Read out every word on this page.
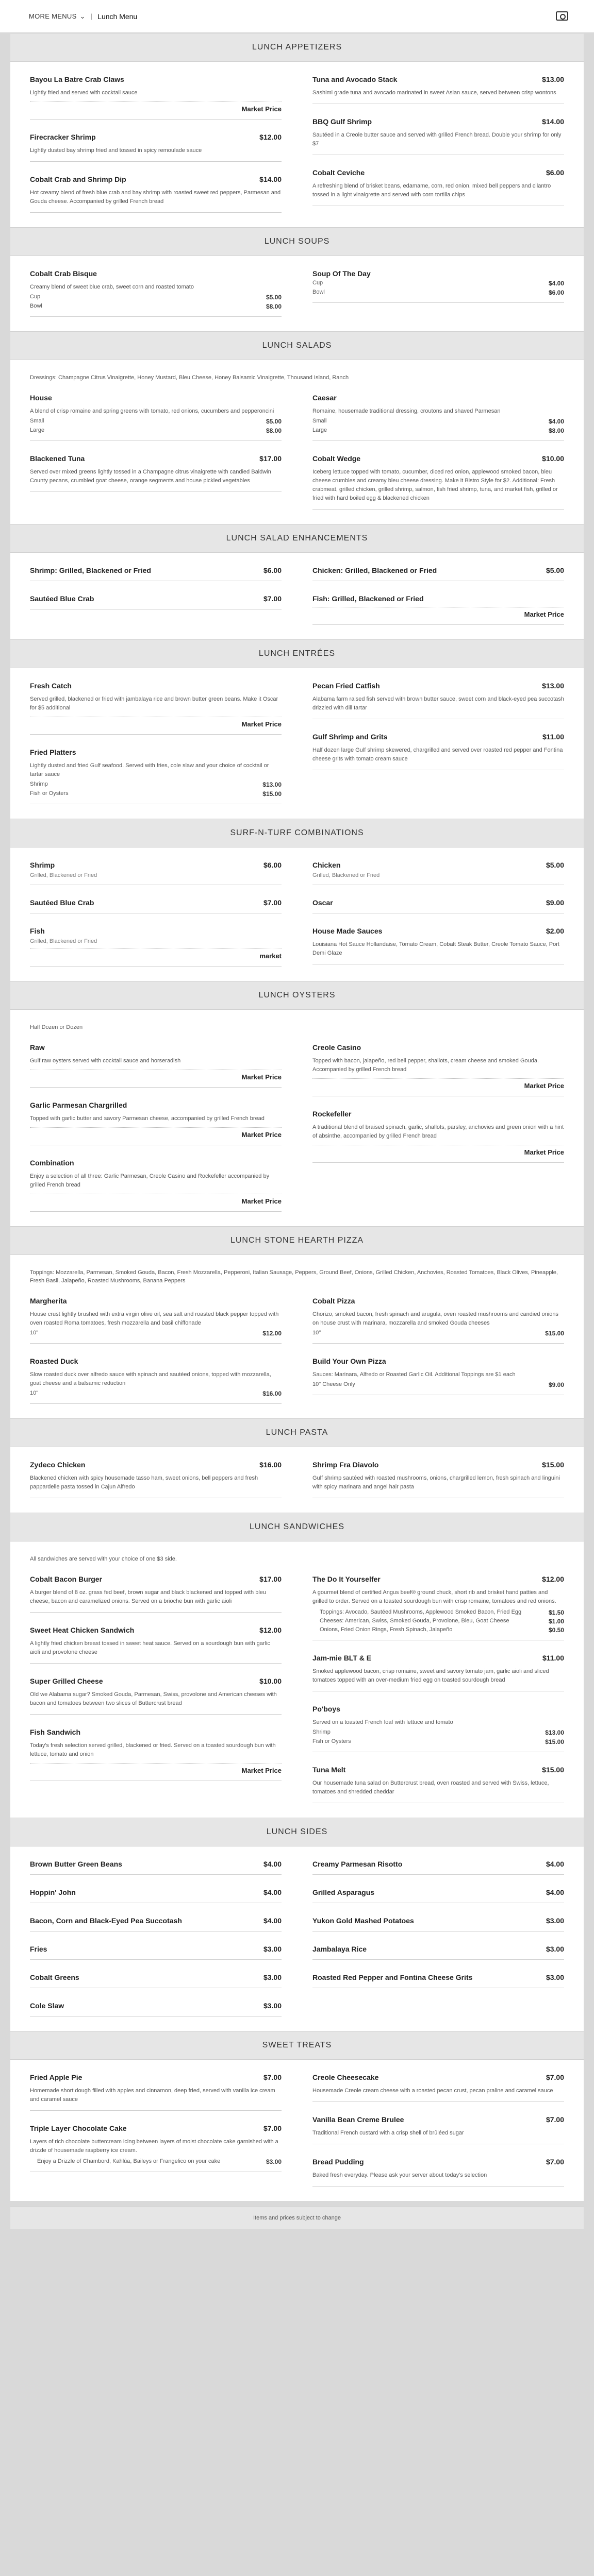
MORE MENUS ⌄ | Lunch Menu
LUNCH APPETIZERS
Bayou La Batre Crab Claws
Lightly fried and served with cocktail sauce
Market Price
Firecracker Shrimp	$12.00
Lightly dusted bay shrimp fried and tossed in spicy remoulade sauce
Cobalt Crab and Shrimp Dip	$14.00
Hot creamy blend of fresh blue crab and bay shrimp with roasted sweet red peppers, Parmesan and Gouda cheese. Accompanied by grilled French bread
Tuna and Avocado Stack	$13.00
Sashimi grade tuna and avocado marinated in sweet Asian sauce, served between crisp wontons
BBQ Gulf Shrimp	$14.00
Sautéed in a Creole butter sauce and served with grilled French bread. Double your shrimp for only $7
Cobalt Ceviche	$6.00
A refreshing blend of brisket beans, edamame, corn, red onion, mixed bell peppers and cilantro tossed in a light vinaigrette and served with corn tortilla chips
LUNCH SOUPS
Cobalt Crab Bisque
Creamy blend of sweet blue crab, sweet corn and roasted tomato
Cup	$5.00
Bowl	$8.00
Soup Of The Day
Cup	$4.00
Bowl	$6.00
LUNCH SALADS
Dressings: Champagne Citrus Vinaigrette, Honey Mustard, Bleu Cheese, Honey Balsamic Vinaigrette, Thousand Island, Ranch
House
A blend of crisp romaine and spring greens with tomato, red onions, cucumbers and pepperoncini
Small	$5.00
Large	$8.00
Blackened Tuna	$17.00
Served over mixed greens lightly tossed in a Champagne citrus vinaigrette with candied Baldwin County pecans, crumbled goat cheese, orange segments and house pickled vegetables
Caesar
Romaine, housemade traditional dressing, croutons and shaved Parmesan
Small	$4.00
Large	$8.00
Cobalt Wedge	$10.00
Iceberg lettuce topped with tomato, cucumber, diced red onion, applewood smoked bacon, bleu cheese crumbles and creamy bleu cheese dressing. Make it Bistro Style for $2. Additional: Fresh crabmeat, grilled chicken, grilled shrimp, salmon, fish fried shrimp, tuna, and market fish, grilled or fried with hard boiled egg & blackened chicken
LUNCH SALAD ENHANCEMENTS
Shrimp: Grilled, Blackened or Fried	$6.00
Sautéed Blue Crab	$7.00
Chicken: Grilled, Blackened or Fried	$5.00
Fish: Grilled, Blackened or Fried
Market Price
LUNCH ENTRÉES
Fresh Catch
Served grilled, blackened or fried with jambalaya rice and brown butter green beans. Make it Oscar for $5 additional
Market Price
Fried Platters
Lightly dusted and fried Gulf seafood. Served with fries, cole slaw and your choice of cocktail or tartar sauce
Shrimp	$13.00
Fish or Oysters	$15.00
Pecan Fried Catfish	$13.00
Alabama farm raised fish served with brown butter sauce, sweet corn and black-eyed pea succotash drizzled with dill tartar
Gulf Shrimp and Grits	$11.00
Half dozen large Gulf shrimp skewered, chargrilled and served over roasted red pepper and Fontina cheese grits with tomato cream sauce
SURF-N-TURF COMBINATIONS
Shrimp	$6.00
Grilled, Blackened or Fried
Sautéed Blue Crab	$7.00
Fish
Grilled, Blackened or Fried
market
Chicken	$5.00
Grilled, Blackened or Fried
Oscar	$9.00
House Made Sauces	$2.00
Louisiana Hot Sauce Hollandaise, Tomato Cream, Cobalt Steak Butter, Creole Tomato Sauce, Port Demi Glaze
LUNCH OYSTERS
Half Dozen or Dozen
Raw
Gulf raw oysters served with cocktail sauce and horseradish
Market Price
Garlic Parmesan Chargrilled
Topped with garlic butter and savory Parmesan cheese, accompanied by grilled French bread
Market Price
Combination
Enjoy a selection of all three: Garlic Parmesan, Creole Casino and Rockefeller accompanied by grilled French bread
Market Price
Creole Casino
Topped with bacon, jalapeño, red bell pepper, shallots, cream cheese and smoked Gouda. Accompanied by grilled French bread
Market Price
Rockefeller
A traditional blend of braised spinach, garlic, shallots, parsley, anchovies and green onion with a hint of absinthe, accompanied by grilled French bread
Market Price
LUNCH STONE HEARTH PIZZA
Toppings: Mozzarella, Parmesan, Smoked Gouda, Bacon, Fresh Mozzarella, Pepperoni, Italian Sausage, Peppers, Ground Beef, Onions, Grilled Chicken, Anchovies, Roasted Tomatoes, Black Olives, Pineapple, Fresh Basil, Jalapeño, Roasted Mushrooms, Banana Peppers
Margherita
House crust lightly brushed with extra virgin olive oil, sea salt and roasted black pepper topped with oven roasted Roma tomatoes, fresh mozzarella and basil chiffonade
10"	$12.00
Roasted Duck
Slow roasted duck over alfredo sauce with spinach and sautéed onions, topped with mozzarella, goat cheese and a balsamic reduction
10"	$16.00
Cobalt Pizza
Chorizo, smoked bacon, fresh spinach and arugula, oven roasted mushrooms and candied onions on house crust with marinara, mozzarella and smoked Gouda cheeses
10"	$15.00
Build Your Own Pizza
Sauces: Marinara, Alfredo or Roasted Garlic Oil. Additional Toppings are $1 each
10" Cheese Only	$9.00
LUNCH PASTA
Zydeco Chicken	$16.00
Blackened chicken with spicy housemade tasso ham, sweet onions, bell peppers and fresh pappardelle pasta tossed in Cajun Alfredo
Shrimp Fra Diavolo	$15.00
Gulf shrimp sautéed with roasted mushrooms, onions, chargrilled lemon, fresh spinach and linguini with spicy marinara and angel hair pasta
LUNCH SANDWICHES
All sandwiches are served with your choice of one $3 side.
Cobalt Bacon Burger	$17.00
A burger blend of 8 oz. grass fed beef, brown sugar and black blackened and topped with bleu cheese, bacon and caramelized onions. Served on a brioche bun with garlic aioli
Sweet Heat Chicken Sandwich	$12.00
A lightly fried chicken breast tossed in sweet heat sauce. Served on a sourdough bun with garlic aioli and provolone cheese
Super Grilled Cheese	$10.00
Old we Alabama sugar? Smoked Gouda, Parmesan, Swiss, provolone and American cheeses with bacon and tomatoes between two slices of Buttercrust bread
Fish Sandwich
Today's fresh selection served grilled, blackened or fried. Served on a toasted sourdough bun with lettuce, tomato and onion
Market Price
The Do It Yourselfer	$12.00
A gourmet blend of certified Angus beef® ground chuck, short rib and brisket hand patties and grilled to order. Served on a toasted sourdough bun with crisp romaine, tomatoes and red onions.
Toppings: Avocado, Sautéed Mushrooms, Applewood Smoked Bacon, Fried Egg	$1.50
Cheeses: American, Swiss, Smoked Gouda, Provolone, Bleu, Goat Cheese	$1.00
Onions, Fried Onion Rings, Fresh Spinach, Jalapeño	$0.50
Jam-mie BLT & E	$11.00
Smoked applewood bacon, crisp romaine, sweet and savory tomato jam, garlic aioli and sliced tomatoes topped with an over-medium fried egg on toasted sourdough bread
Po'boys
Served on a toasted French loaf with lettuce and tomato
Shrimp	$13.00
Fish or Oysters	$15.00
Tuna Melt	$15.00
Our housemade tuna salad on Buttercrust bread, oven roasted and served with Swiss, lettuce, tomatoes and shredded cheddar
LUNCH SIDES
Brown Butter Green Beans	$4.00
Hoppin' John	$4.00
Bacon, Corn and Black-Eyed Pea Succotash	$4.00
Fries	$3.00
Cobalt Greens	$3.00
Cole Slaw	$3.00
Creamy Parmesan Risotto	$4.00
Grilled Asparagus	$4.00
Yukon Gold Mashed Potatoes	$3.00
Jambalaya Rice	$3.00
Roasted Red Pepper and Fontina Cheese Grits	$3.00
SWEET TREATS
Fried Apple Pie	$7.00
Homemade short dough filled with apples and cinnamon, deep fried, served with vanilla ice cream and caramel sauce
Triple Layer Chocolate Cake	$7.00
Layers of rich chocolate buttercream icing between layers of moist chocolate cake garnished with a drizzle of housemade raspberry ice cream.
Enjoy a Drizzle of Chambord, Kahlúa, Baileys or Frangelico on your cake	$3.00
Creole Cheesecake	$7.00
Housemade Creole cream cheese with a roasted pecan crust, pecan praline and caramel sauce
Vanilla Bean Creme Brulee	$7.00
Traditional French custard with a crisp shell of brûléed sugar
Bread Pudding	$7.00
Baked fresh everyday. Please ask your server about today's selection
Items and prices subject to change
